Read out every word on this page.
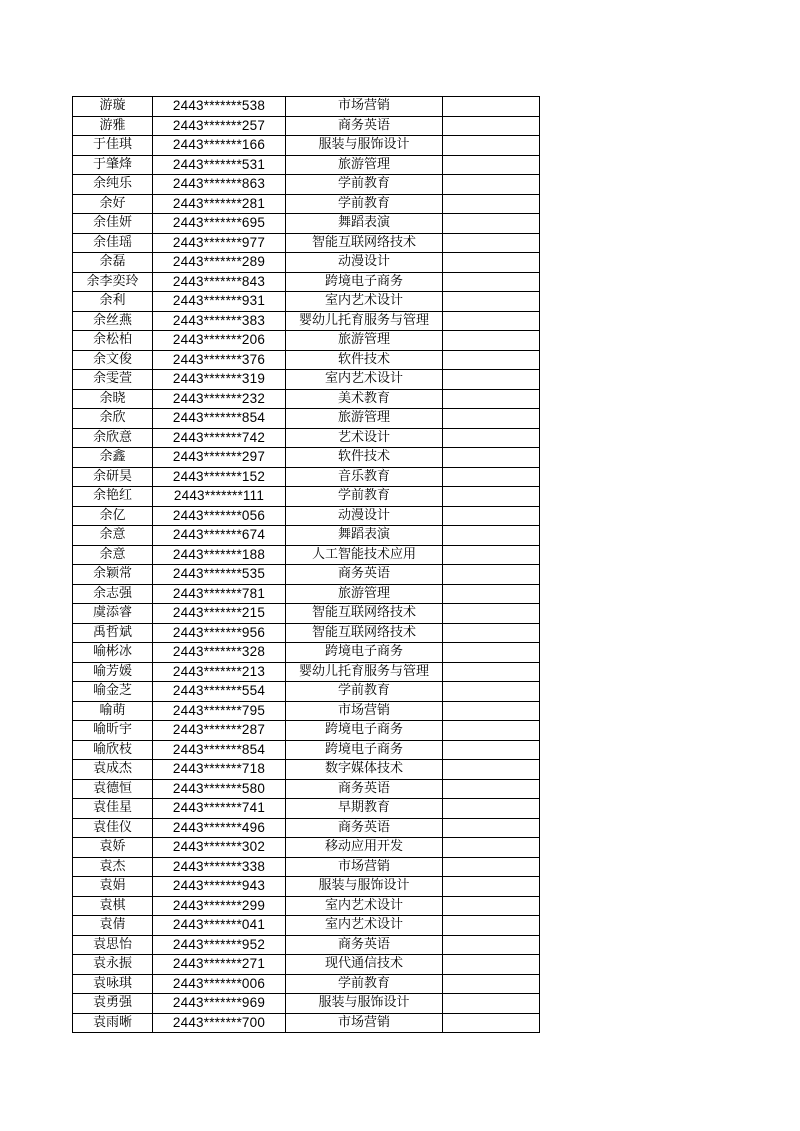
游璇	2443*******538	市场营销	
游雅	2443*******257	商务英语	
于佳琪	2443*******166	服装与服饰设计	
于肇烽	2443*******531	旅游管理	
余纯乐	2443*******863	学前教育	
余好	2443*******281	学前教育	
余佳妍	2443*******695	舞蹈表演	
余佳瑶	2443*******977	智能互联网络技术	
余磊	2443*******289	动漫设计	
余李奕玲	2443*******843	跨境电子商务	
余利	2443*******931	室内艺术设计	
余丝燕	2443*******383	婴幼儿托育服务与管理	
余松柏	2443*******206	旅游管理	
余文俊	2443*******376	软件技术	
余雯萱	2443*******319	室内艺术设计	
余晓	2443*******232	美术教育	
余欣	2443*******854	旅游管理	
余欣意	2443*******742	艺术设计	
余鑫	2443*******297	软件技术	
余研昊	2443*******152	音乐教育	
余艳红	2443*******111	学前教育	
余亿	2443*******056	动漫设计	
余意	2443*******674	舞蹈表演	
余意	2443*******188	人工智能技术应用	
余颖常	2443*******535	商务英语	
余志强	2443*******781	旅游管理	
虞添睿	2443*******215	智能互联网络技术	
禹哲斌	2443*******956	智能互联网络技术	
喻彬冰	2443*******328	跨境电子商务	
喻芳媛	2443*******213	婴幼儿托育服务与管理	
喻金芝	2443*******554	学前教育	
喻萌	2443*******795	市场营销	
喻昕宇	2443*******287	跨境电子商务	
喻欣枝	2443*******854	跨境电子商务	
袁成杰	2443*******718	数字媒体技术	
袁德恒	2443*******580	商务英语	
袁佳星	2443*******741	早期教育	
袁佳仪	2443*******496	商务英语	
袁娇	2443*******302	移动应用开发	
袁杰	2443*******338	市场营销	
袁娟	2443*******943	服装与服饰设计	
袁棋	2443*******299	室内艺术设计	
袁倩	2443*******041	室内艺术设计	
袁思怡	2443*******952	商务英语	
袁永振	2443*******271	现代通信技术	
袁咏琪	2443*******006	学前教育	
袁勇强	2443*******969	服装与服饰设计	
袁雨晰	2443*******700	市场营销	
